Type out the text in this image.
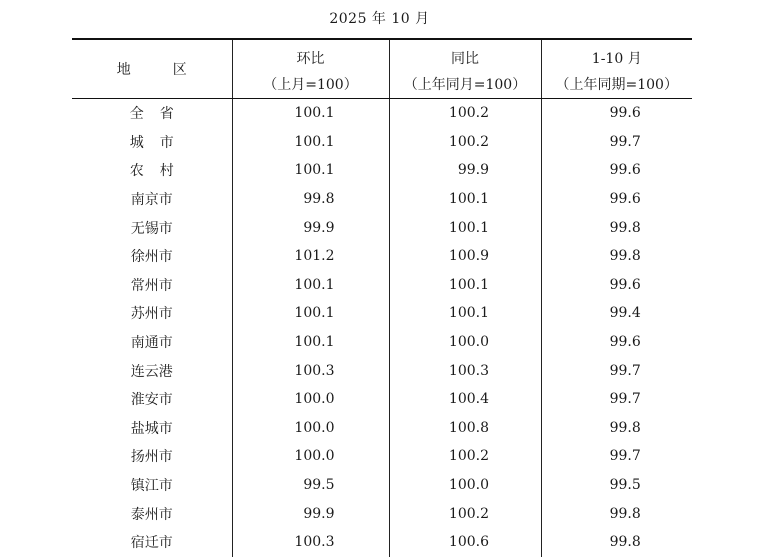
2025 年 10 月
地　区	环比	同比	1-10 月
	（上月=100）	（上年同月=100）	（上年同期=100）
全省	100.1	100.2	99.6
城市	100.1	100.2	99.7
农村	100.1	99.9	99.6
南京市	99.8	100.1	99.6
无锡市	99.9	100.1	99.8
徐州市	101.2	100.9	99.8
常州市	100.1	100.1	99.6
苏州市	100.1	100.1	99.4
南通市	100.1	100.0	99.6
连云港	100.3	100.3	99.7
淮安市	100.0	100.4	99.7
盐城市	100.0	100.8	99.8
扬州市	100.0	100.2	99.7
镇江市	99.5	100.0	99.5
泰州市	99.9	100.2	99.8
宿迁市	100.3	100.6	99.8
